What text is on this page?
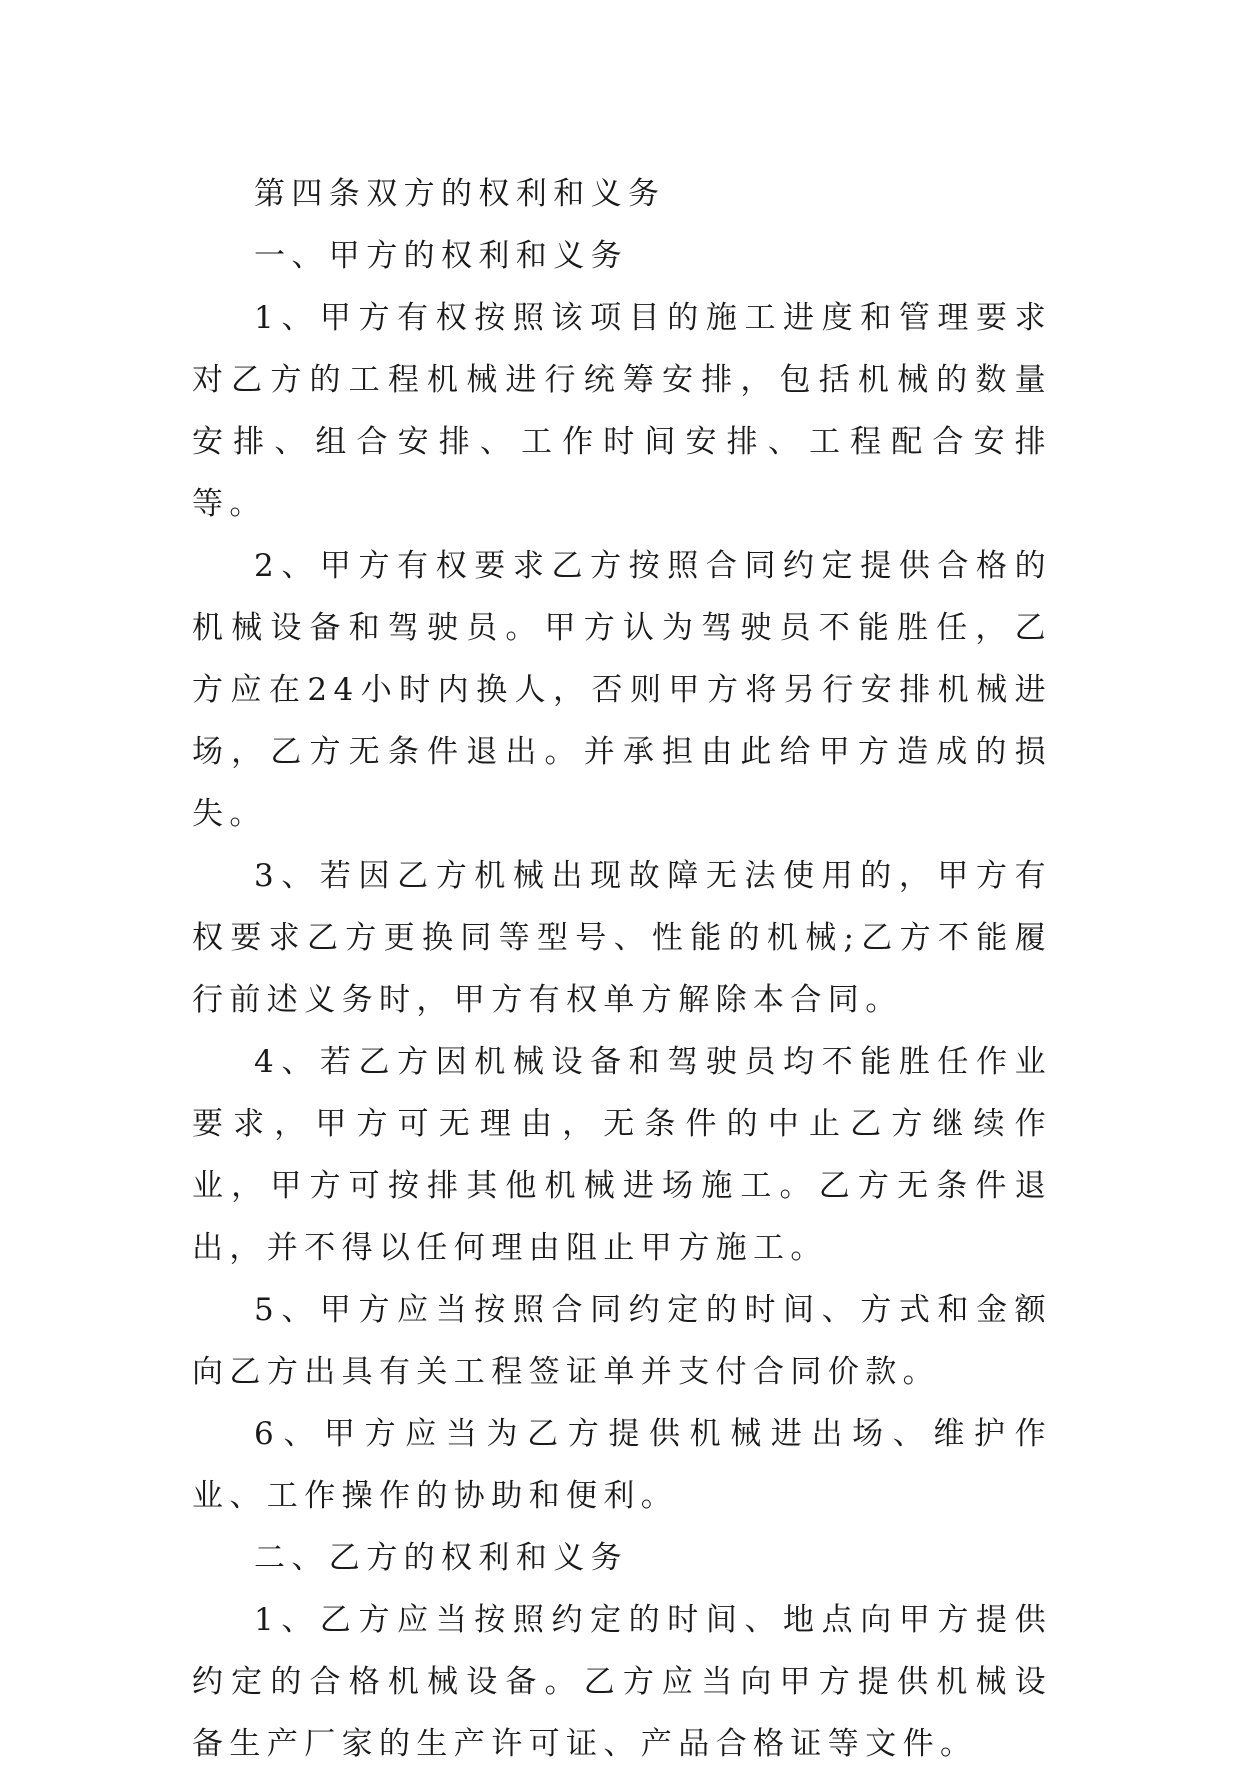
第四条双方的权利和义务

一、甲方的权利和义务

1、甲方有权按照该项目的施工进度和管理要求对乙方的工程机械进行统筹安排，包括机械的数量安排、组合安排、工作时间安排、工程配合安排等。

2、甲方有权要求乙方按照合同约定提供合格的机械设备和驾驶员。甲方认为驾驶员不能胜任，乙方应在24小时内换人，否则甲方将另行安排机械进场，乙方无条件退出。并承担由此给甲方造成的损失。

3、若因乙方机械出现故障无法使用的，甲方有权要求乙方更换同等型号、性能的机械;乙方不能履行前述义务时，甲方有权单方解除本合同。

4、若乙方因机械设备和驾驶员均不能胜任作业要求，甲方可无理由，无条件的中止乙方继续作业，甲方可按排其他机械进场施工。乙方无条件退出，并不得以任何理由阻止甲方施工。

5、甲方应当按照合同约定的时间、方式和金额向乙方出具有关工程签证单并支付合同价款。

6、甲方应当为乙方提供机械进出场、维护作业、工作操作的协助和便利。

二、乙方的权利和义务

1、乙方应当按照约定的时间、地点向甲方提供约定的合格机械设备。乙方应当向甲方提供机械设备生产厂家的生产许可证、产品合格证等文件。
